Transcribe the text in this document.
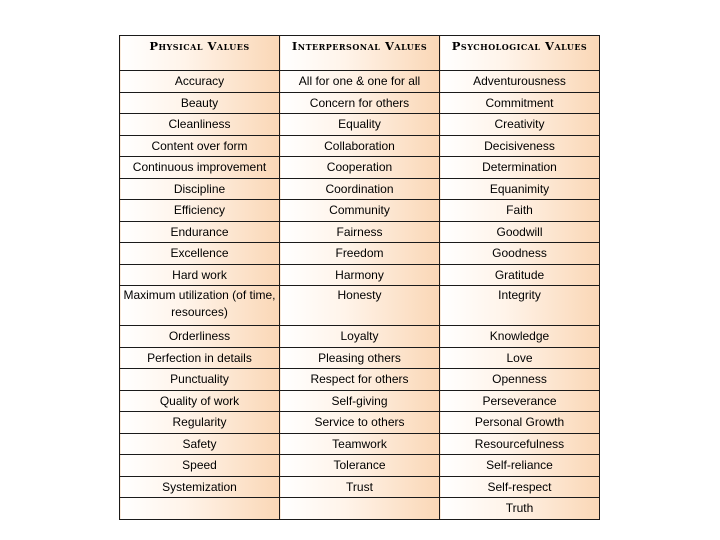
Physical Values	Interpersonal Values	Psychological Values
Accuracy	All for one & one for all	Adventurousness
Beauty	Concern for others	Commitment
Cleanliness	Equality	Creativity
Content over form	Collaboration	Decisiveness
Continuous improvement	Cooperation	Determination
Discipline	Coordination	Equanimity
Efficiency	Community	Faith
Endurance	Fairness	Goodwill
Excellence	Freedom	Goodness
Hard work	Harmony	Gratitude
Maximum utilization (of time, resources)	Honesty	Integrity
Orderliness	Loyalty	Knowledge
Perfection in details	Pleasing others	Love
Punctuality	Respect for others	Openness
Quality of work	Self-giving	Perseverance
Regularity	Service to others	Personal Growth
Safety	Teamwork	Resourcefulness
Speed	Tolerance	Self-reliance
Systemization	Trust	Self-respect
		Truth
